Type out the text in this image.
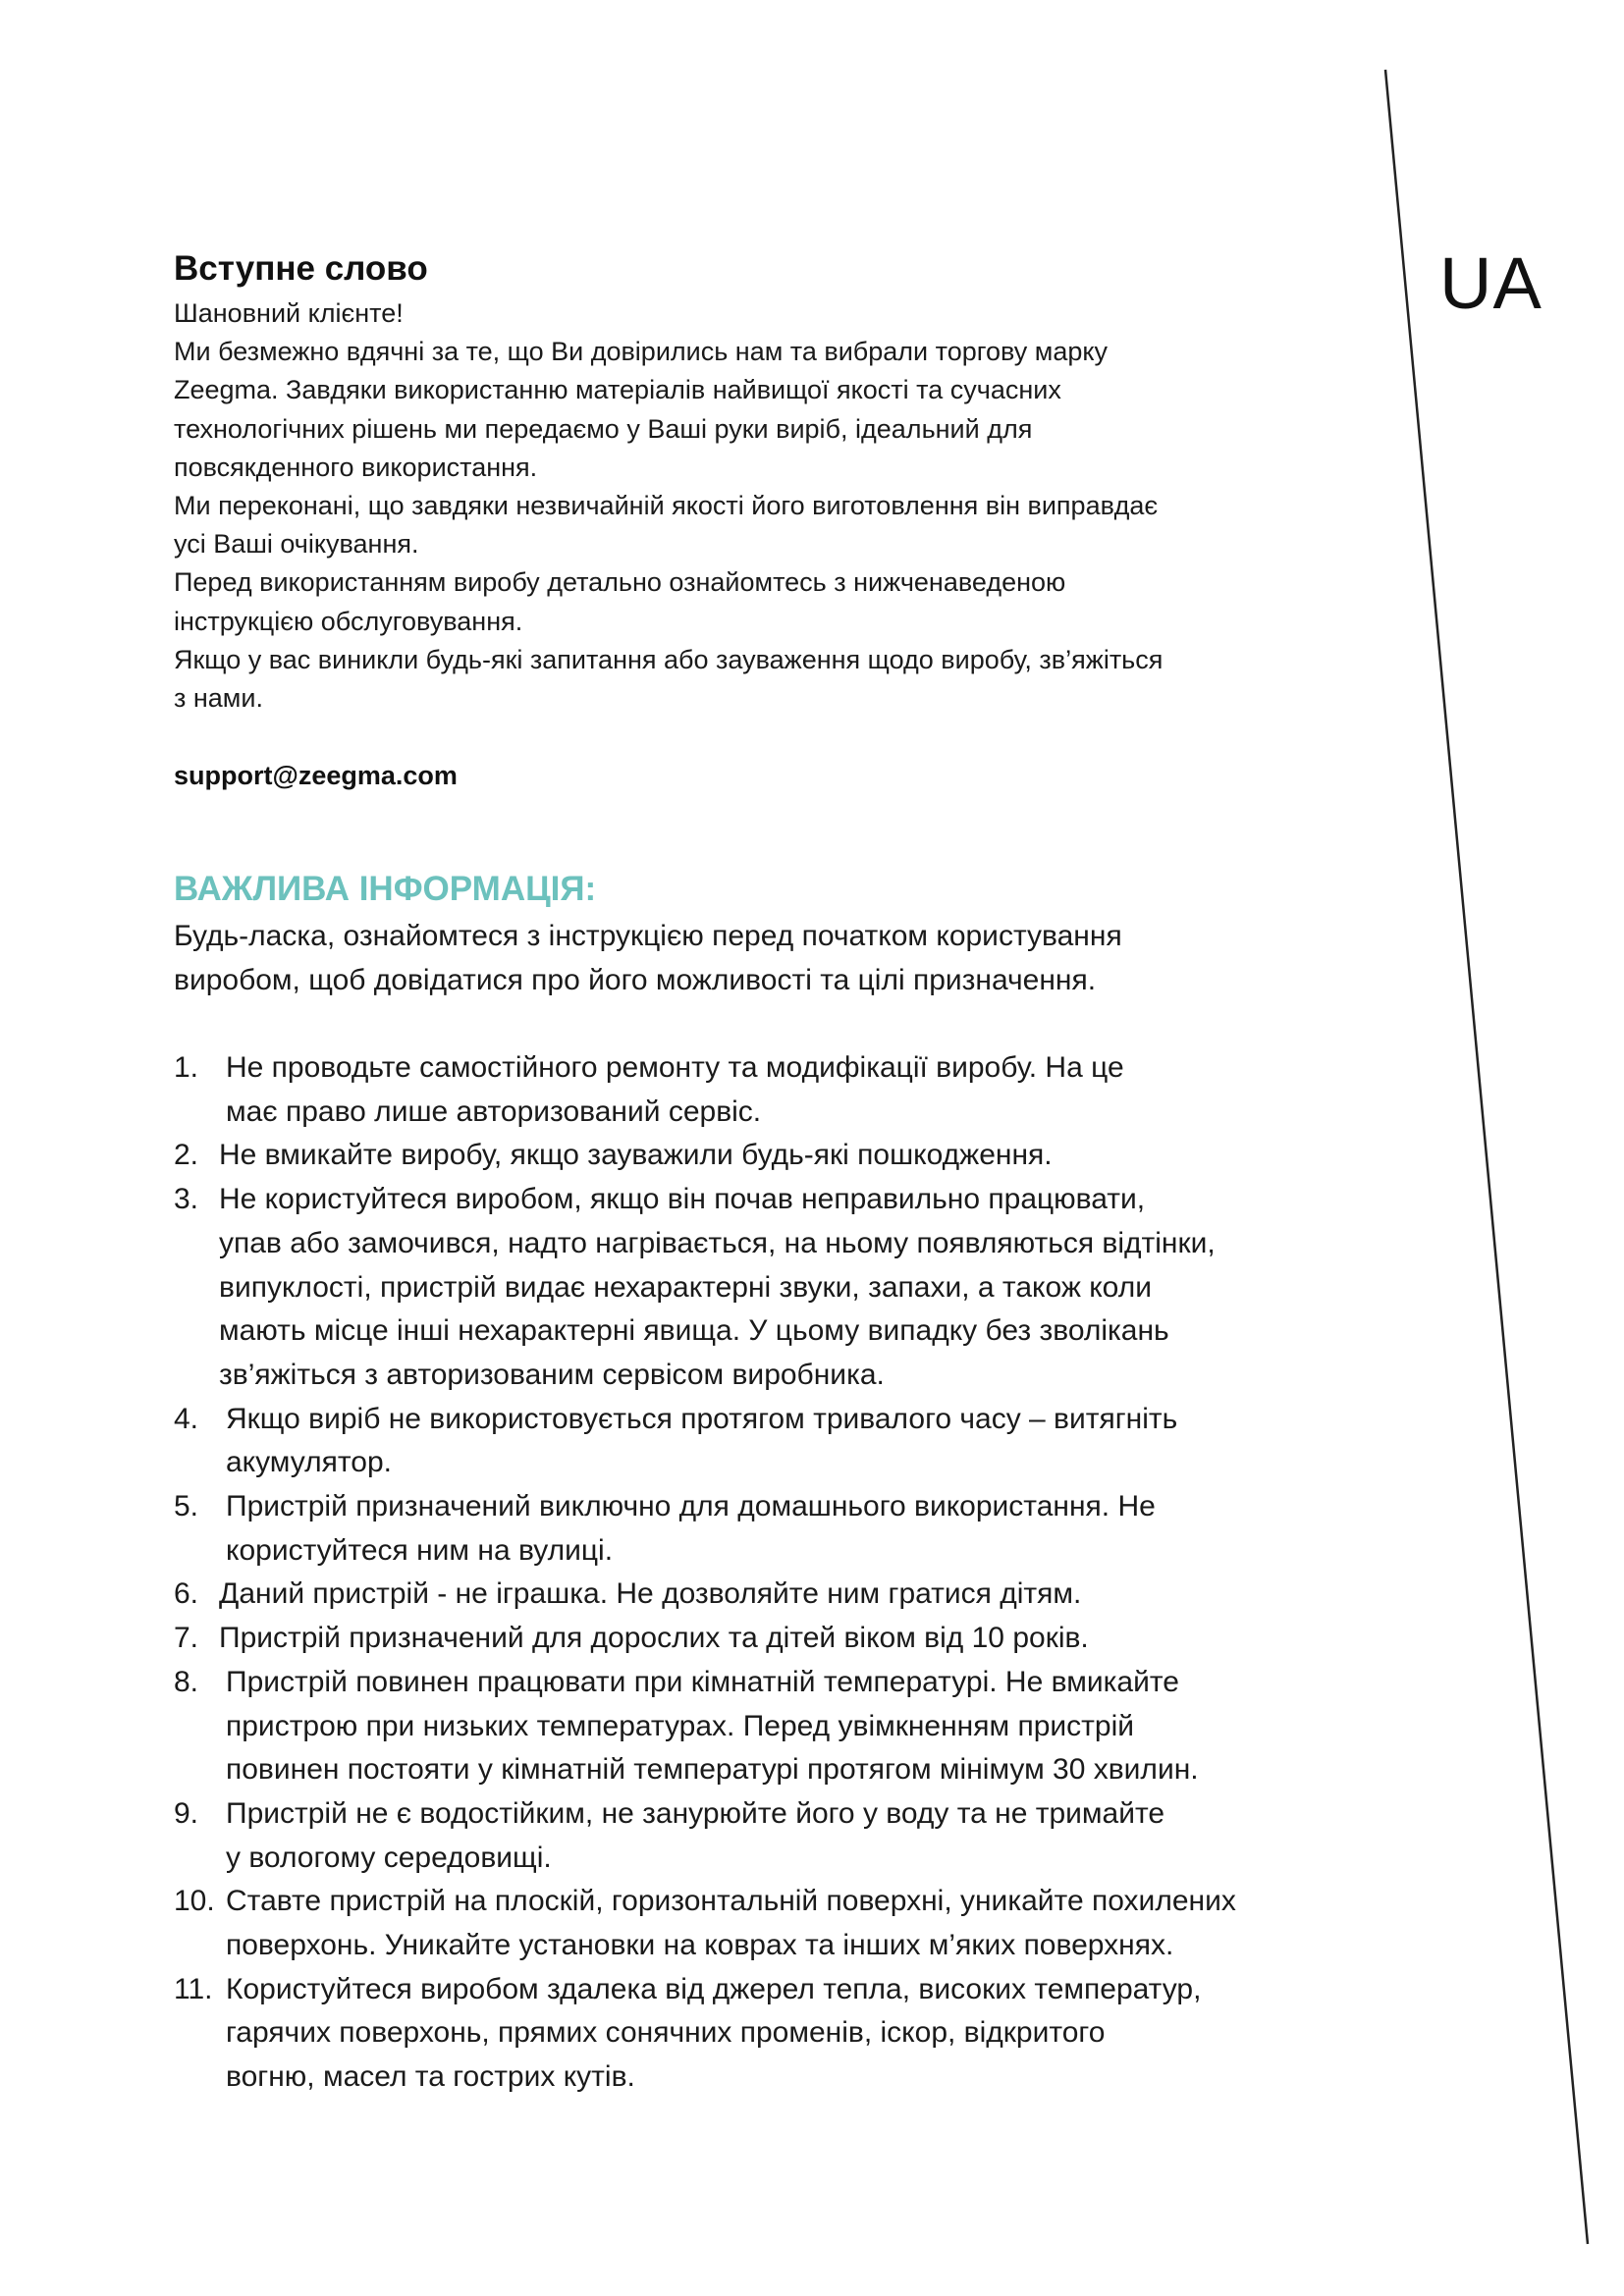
UA
Вступне слово
Шановний клієнте!
Ми безмежно вдячні за те, що Ви довірились нам та вибрали торгову марку
Zeegma. Завдяки використанню матеріалів найвищої якості та сучасних
технологічних рішень ми передаємо у Ваші руки виріб, ідеальний для
повсякденного використання.
Ми переконані, що завдяки незвичайній якості його виготовлення він виправдає
усі Ваші очікування.
Перед використанням виробу детально ознайомтесь з нижченаведеною
інструкцією обслуговування.
Якщо у вас виникли будь-які запитання або зауваження щодо виробу, зв’яжіться
з нами.
support@zeegma.com
ВАЖЛИВА ІНФОРМАЦІЯ:
Будь-ласка, ознайомтеся з інструкцією перед початком користування
виробом, щоб довідатися про його можливості та цілі призначення.
1. Не проводьте самостійного ремонту та модифікації виробу. На це
має право лише авторизований сервіс.
2. Не вмикайте виробу, якщо зауважили будь-які пошкодження.
3. Не користуйтеся виробом, якщо він почав неправильно працювати,
упав або замочився, надто нагрівається, на ньому появляються відтінки,
випуклості, пристрій видає нехарактерні звуки, запахи, а також коли
мають місце інші нехарактерні явища. У цьому випадку без зволікань
зв’яжіться з авторизованим сервісом виробника.
4. Якщо виріб не використовується протягом тривалого часу – витягніть
акумулятор.
5. Пристрій призначений виключно для домашнього використання. Не
користуйтеся ним на вулиці.
6. Даний пристрій - не іграшка. Не дозволяйте ним гратися дітям.
7. Пристрій призначений для дорослих та дітей віком від 10 років.
8. Пристрій повинен працювати при кімнатній температурі. Не вмикайте
пристрою при низьких температурах. Перед увімкненням пристрій
повинен постояти у кімнатній температурі протягом мінімум 30 хвилин.
9. Пристрій не є водостійким, не занурюйте його у воду та не тримайте
у вологому середовищі.
10. Ставте пристрій на плоскій, горизонтальній поверхні, уникайте похилених
поверхонь. Уникайте установки на коврах та інших м’яких поверхнях.
11. Користуйтеся виробом здалека від джерел тепла, високих температур,
гарячих поверхонь, прямих сонячних променів, іскор, відкритого
вогню, масел та гострих кутів.
